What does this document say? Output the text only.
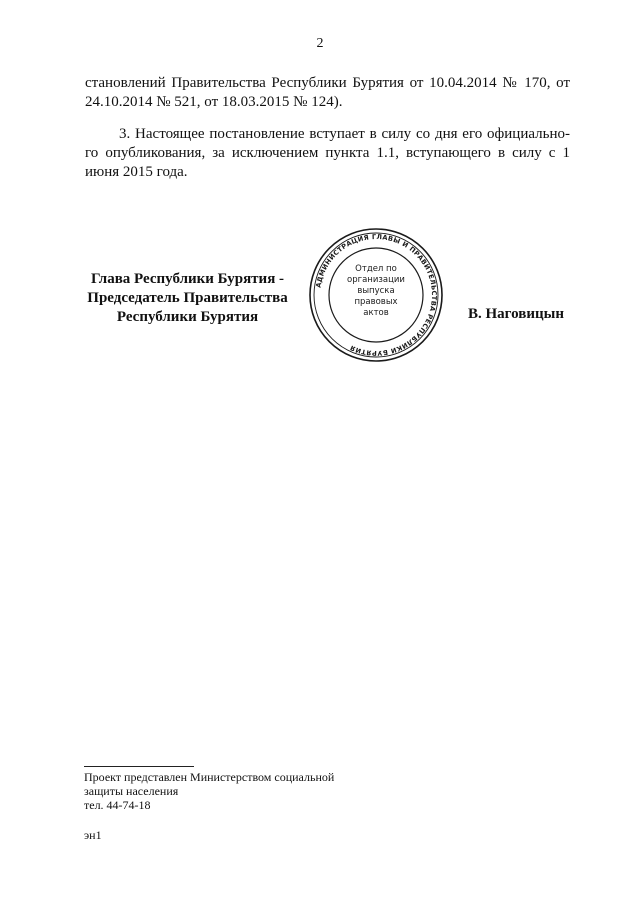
2

становлений Правительства Республики Бурятия от 10.04.2014 № 170, от 24.10.2014 № 521, от 18.03.2015 № 124).

3. Настоящее постановление вступает в силу со дня его официально-го опубликования, за исключением пункта 1.1, вступающего в силу с 1 июня 2015 года.

Глава Республики Бурятия -
Председатель Правительства
Республики Бурятия
АДМИНИСТРАЦИЯ ГЛАВЫ И ПРАВИТЕЛЬСТВА РЕСПУБЛИКИ БУРЯТИЯ
Отдел по
организации
выпуска
правовых
актов	В. Наговицын
Проект представлен Министерством социальной
защиты населения
тел. 44-74-18
эн1
